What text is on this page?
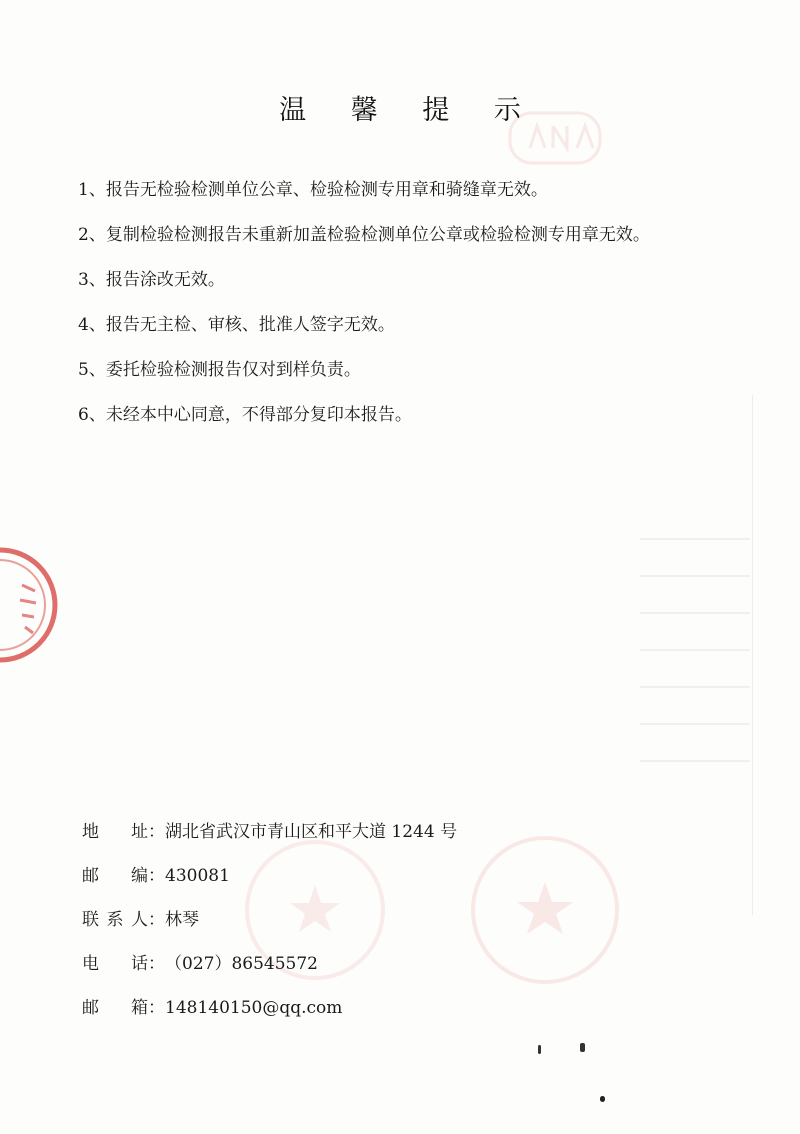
温 馨 提 示
1、报告无检验检测单位公章、检验检测专用章和骑缝章无效。
2、复制检验检测报告未重新加盖检验检测单位公章或检验检测专用章无效。
3、报告涂改无效。
4、报告无主检、审核、批准人签字无效。
5、委托检验检测报告仅对到样负责。
6、未经本中心同意，不得部分复印本报告。
地 址 ： 湖北省武汉市青山区和平大道 1244 号
邮 编 ： 430081
联系人 ： 林琴
电 话 ： （027）86545572
邮 箱 ： 148140150@qq.com
